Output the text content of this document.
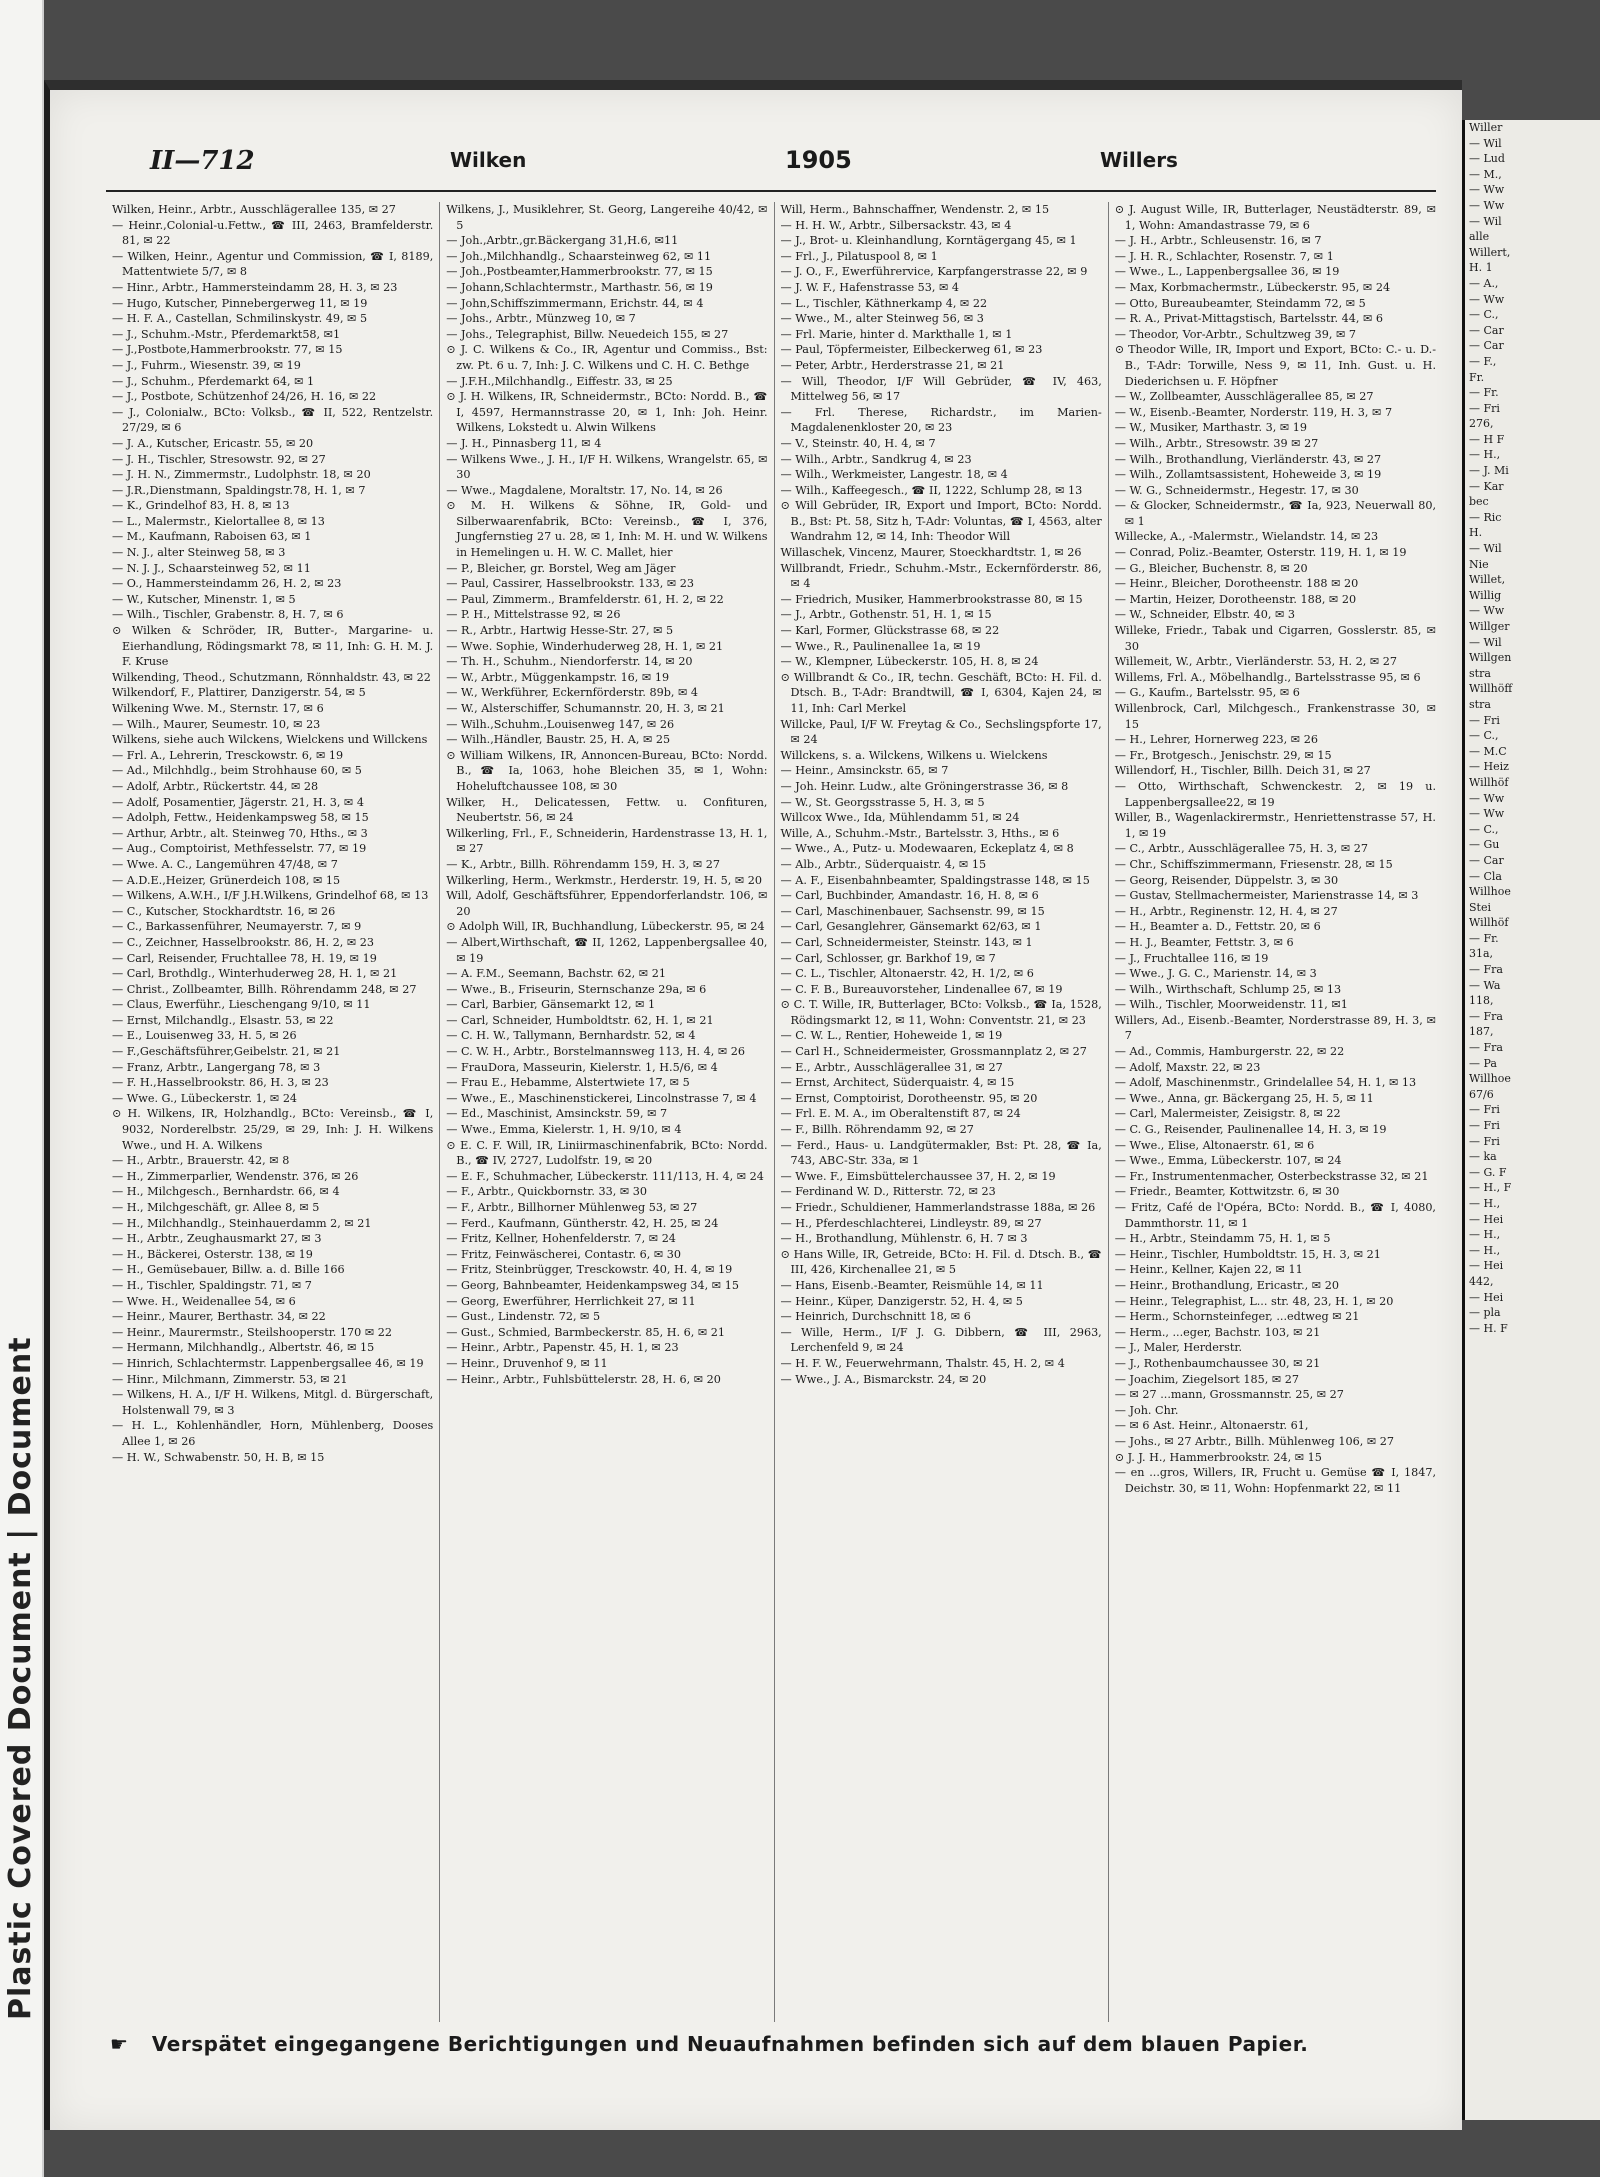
Plastic Covered Document | Document
II—712	Wilken	1905	Willers

Wilken, Heinr., Arbtr., Ausschlägerallee 135, ✉ 27

— Heinr.,Colonial-u.Fettw., ☎ III, 2463, Bramfelderstr. 81, ✉ 22

— Wilken, Heinr., Agentur und Commission, ☎ I, 8189, Mattentwiete 5/7, ✉ 8

— Hinr., Arbtr., Hammersteindamm 28, H. 3, ✉ 23

— Hugo, Kutscher, Pinnebergerweg 11, ✉ 19

— H. F. A., Castellan, Schmilinskystr. 49, ✉ 5

— J., Schuhm.-Mstr., Pferdemarkt58, ✉1

— J.,Postbote,Hammerbrookstr. 77, ✉ 15

— J., Fuhrm., Wiesenstr. 39, ✉ 19

— J., Schuhm., Pferdemarkt 64, ✉ 1

— J., Postbote, Schützenhof 24/26, H. 16, ✉ 22

— J., Colonialw., BCto: Volksb., ☎ II, 522, Rentzelstr. 27/29, ✉ 6

— J. A., Kutscher, Ericastr. 55, ✉ 20

— J. H., Tischler, Stresowstr. 92, ✉ 27

— J. H. N., Zimmermstr., Ludolphstr. 18, ✉ 20

— J.R.,Dienstmann, Spaldingstr.78, H. 1, ✉ 7

— K., Grindelhof 83, H. 8, ✉ 13

— L., Malermstr., Kielortallee 8, ✉ 13

— M., Kaufmann, Raboisen 63, ✉ 1

— N. J., alter Steinweg 58, ✉ 3

— N. J. J., Schaarsteinweg 52, ✉ 11

— O., Hammersteindamm 26, H. 2, ✉ 23

— W., Kutscher, Minenstr. 1, ✉ 5

— Wilh., Tischler, Grabenstr. 8, H. 7, ✉ 6

⊙ Wilken & Schröder, IR, Butter-, Margarine- u. Eierhandlung, Rödingsmarkt 78, ✉ 11, Inh: G. H. M. J. F. Kruse

Wilkending, Theod., Schutzmann, Rönnhaldstr. 43, ✉ 22

Wilkendorf, F., Plattirer, Danzigerstr. 54, ✉ 5

Wilkening Wwe. M., Sternstr. 17, ✉ 6

— Wilh., Maurer, Seumestr. 10, ✉ 23

Wilkens, siehe auch Wilckens, Wielckens und Willckens

— Frl. A., Lehrerin, Tresckowstr. 6, ✉ 19

— Ad., Milchhdlg., beim Strohhause 60, ✉ 5

— Adolf, Arbtr., Rückertstr. 44, ✉ 28

— Adolf, Posamentier, Jägerstr. 21, H. 3, ✉ 4

— Adolph, Fettw., Heidenkampsweg 58, ✉ 15

— Arthur, Arbtr., alt. Steinweg 70, Hths., ✉ 3

— Aug., Comptoirist, Methfesselstr. 77, ✉ 19

— Wwe. A. C., Langemühren 47/48, ✉ 7

— A.D.E.,Heizer, Grünerdeich 108, ✉ 15

— Wilkens, A.W.H., I/F J.H.Wilkens, Grindelhof 68, ✉ 13

— C., Kutscher, Stockhardtstr. 16, ✉ 26

— C., Barkassenführer, Neumayerstr. 7, ✉ 9

— C., Zeichner, Hasselbrookstr. 86, H. 2, ✉ 23

— Carl, Reisender, Fruchtallee 78, H. 19, ✉ 19

— Carl, Brothdlg., Winterhuderweg 28, H. 1, ✉ 21

— Christ., Zollbeamter, Billh. Röhrendamm 248, ✉ 27

— Claus, Ewerführ., Lieschengang 9/10, ✉ 11

— Ernst, Milchandlg., Elsastr. 53, ✉ 22

— E., Louisenweg 33, H. 5, ✉ 26

— F.,Geschäftsführer,Geibelstr. 21, ✉ 21

— Franz, Arbtr., Langergang 78, ✉ 3

— F. H.,Hasselbrookstr. 86, H. 3, ✉ 23

— Wwe. G., Lübeckerstr. 1, ✉ 24

⊙ H. Wilkens, IR, Holzhandlg., BCto: Vereinsb., ☎ I, 9032, Norderelbstr. 25/29, ✉ 29, Inh: J. H. Wilkens Wwe., und H. A. Wilkens

— H., Arbtr., Brauerstr. 42, ✉ 8

— H., Zimmerparlier, Wendenstr. 376, ✉ 26

— H., Milchgesch., Bernhardstr. 66, ✉ 4

— H., Milchgeschäft, gr. Allee 8, ✉ 5

— H., Milchhandlg., Steinhauerdamm 2, ✉ 21

— H., Arbtr., Zeughausmarkt 27, ✉ 3

— H., Bäckerei, Osterstr. 138, ✉ 19

— H., Gemüsebauer, Billw. a. d. Bille 166

— H., Tischler, Spaldingstr. 71, ✉ 7

— Wwe. H., Weidenallee 54, ✉ 6

— Heinr., Maurer, Berthastr. 34, ✉ 22

— Heinr., Maurermstr., Steilshooperstr. 170 ✉ 22

— Hermann, Milchhandlg., Albertstr. 46, ✉ 15

— Hinrich, Schlachtermstr. Lappenbergsallee 46, ✉ 19

— Hinr., Milchmann, Zimmerstr. 53, ✉ 21

— Wilkens, H. A., I/F H. Wilkens, Mitgl. d. Bürgerschaft, Holstenwall 79, ✉ 3

— H. L., Kohlenhändler, Horn, Mühlenberg, Dooses Allee 1, ✉ 26

— H. W., Schwabenstr. 50, H. B, ✉ 15

Wilkens, J., Musiklehrer, St. Georg, Langereihe 40/42, ✉ 5

— Joh.,Arbtr.,gr.Bäckergang 31,H.6, ✉11

— Joh.,Milchhandlg., Schaarsteinweg 62, ✉ 11

— Joh.,Postbeamter,Hammerbrookstr. 77, ✉ 15

— Johann,Schlachtermstr., Marthastr. 56, ✉ 19

— John,Schiffszimmermann, Erichstr. 44, ✉ 4

— Johs., Arbtr., Münzweg 10, ✉ 7

— Johs., Telegraphist, Billw. Neuedeich 155, ✉ 27

⊙ J. C. Wilkens & Co., IR, Agentur und Commiss., Bst: zw. Pt. 6 u. 7, Inh: J. C. Wilkens und C. H. C. Bethge

— J.F.H.,Milchhandlg., Eiffestr. 33, ✉ 25

⊙ J. H. Wilkens, IR, Schneidermstr., BCto: Nordd. B., ☎ I, 4597, Hermannstrasse 20, ✉ 1, Inh: Joh. Heinr. Wilkens, Lokstedt u. Alwin Wilkens

— J. H., Pinnasberg 11, ✉ 4

— Wilkens Wwe., J. H., I/F H. Wilkens, Wrangelstr. 65, ✉ 30

— Wwe., Magdalene, Moraltstr. 17, No. 14, ✉ 26

⊙ M. H. Wilkens & Söhne, IR, Gold- und Silberwaarenfabrik, BCto: Vereinsb., ☎ I, 376, Jungfernstieg 27 u. 28, ✉ 1, Inh: M. H. und W. Wilkens in Hemelingen u. H. W. C. Mallet, hier

— P., Bleicher, gr. Borstel, Weg am Jäger

— Paul, Cassirer, Hasselbrookstr. 133, ✉ 23

— Paul, Zimmerm., Bramfelderstr. 61, H. 2, ✉ 22

— P. H., Mittelstrasse 92, ✉ 26

— R., Arbtr., Hartwig Hesse-Str. 27, ✉ 5

— Wwe. Sophie, Winderhuderweg 28, H. 1, ✉ 21

— Th. H., Schuhm., Niendorferstr. 14, ✉ 20

— W., Arbtr., Müggenkampstr. 16, ✉ 19

— W., Werkführer, Eckernförderstr. 89b, ✉ 4

— W., Alsterschiffer, Schumannstr. 20, H. 3, ✉ 21

— Wilh.,Schuhm.,Louisenweg 147, ✉ 26

— Wilh.,Händler, Baustr. 25, H. A, ✉ 25

⊙ William Wilkens, IR, Annoncen-Bureau, BCto: Nordd. B., ☎ Ia, 1063, hohe Bleichen 35, ✉ 1, Wohn: Hoheluftchaussee 108, ✉ 30

Wilker, H., Delicatessen, Fettw. u. Confituren, Neubertstr. 56, ✉ 24

Wilkerling, Frl., F., Schneiderin, Hardenstrasse 13, H. 1, ✉ 27

— K., Arbtr., Billh. Röhrendamm 159, H. 3, ✉ 27

Wilkerling, Herm., Werkmstr., Herderstr. 19, H. 5, ✉ 20

Will, Adolf, Geschäftsführer, Eppendorferlandstr. 106, ✉ 20

⊙ Adolph Will, IR, Buchhandlung, Lübeckerstr. 95, ✉ 24

— Albert,Wirthschaft, ☎ II, 1262, Lappenbergsallee 40, ✉ 19

— A. F.M., Seemann, Bachstr. 62, ✉ 21

— Wwe., B., Friseurin, Sternschanze 29a, ✉ 6

— Carl, Barbier, Gänsemarkt 12, ✉ 1

— Carl, Schneider, Humboldtstr. 62, H. 1, ✉ 21

— C. H. W., Tallymann, Bernhardstr. 52, ✉ 4

— C. W. H., Arbtr., Borstelmannsweg 113, H. 4, ✉ 26

— FrauDora, Masseurin, Kielerstr. 1, H.5/6, ✉ 4

— Frau E., Hebamme, Alstertwiete 17, ✉ 5

— Wwe., E., Maschinenstickerei, Lincolnstrasse 7, ✉ 4

— Ed., Maschinist, Amsinckstr. 59, ✉ 7

— Wwe., Emma, Kielerstr. 1, H. 9/10, ✉ 4

⊙ E. C. F. Will, IR, Liniirmaschinenfabrik, BCto: Nordd. B., ☎ IV, 2727, Ludolfstr. 19, ✉ 20

— E. F., Schuhmacher, Lübeckerstr. 111/113, H. 4, ✉ 24

— F., Arbtr., Quickbornstr. 33, ✉ 30

— F., Arbtr., Billhorner Mühlenweg 53, ✉ 27

— Ferd., Kaufmann, Güntherstr. 42, H. 25, ✉ 24

— Fritz, Kellner, Hohenfelderstr. 7, ✉ 24

— Fritz, Feinwäscherei, Contastr. 6, ✉ 30

— Fritz, Steinbrügger, Tresckowstr. 40, H. 4, ✉ 19

— Georg, Bahnbeamter, Heidenkampsweg 34, ✉ 15

— Georg, Ewerführer, Herrlichkeit 27, ✉ 11

— Gust., Lindenstr. 72, ✉ 5

— Gust., Schmied, Barmbeckerstr. 85, H. 6, ✉ 21

— Heinr., Arbtr., Papenstr. 45, H. 1, ✉ 23

— Heinr., Druvenhof 9, ✉ 11

— Heinr., Arbtr., Fuhlsbüttelerstr. 28, H. 6, ✉ 20

Will, Herm., Bahnschaffner, Wendenstr. 2, ✉ 15

— H. H. W., Arbtr., Silbersackstr. 43, ✉ 4

— J., Brot- u. Kleinhandlung, Korntägergang 45, ✉ 1

— Frl., J., Pilatuspool 8, ✉ 1

— J. O., F., Ewerführervice, Karpfangerstrasse 22, ✉ 9

— J. W. F., Hafenstrasse 53, ✉ 4

— L., Tischler, Käthnerkamp 4, ✉ 22

— Wwe., M., alter Steinweg 56, ✉ 3

— Frl. Marie, hinter d. Markthalle 1, ✉ 1

— Paul, Töpfermeister, Eilbeckerweg 61, ✉ 23

— Peter, Arbtr., Herderstrasse 21, ✉ 21

— Will, Theodor, I/F Will Gebrüder, ☎ IV, 463, Mittelweg 56, ✉ 17

— Frl. Therese, Richardstr., im Marien-Magdalenenkloster 20, ✉ 23

— V., Steinstr. 40, H. 4, ✉ 7

— Wilh., Arbtr., Sandkrug 4, ✉ 23

— Wilh., Werkmeister, Langestr. 18, ✉ 4

— Wilh., Kaffeegesch., ☎ II, 1222, Schlump 28, ✉ 13

⊙ Will Gebrüder, IR, Export und Import, BCto: Nordd. B., Bst: Pt. 58, Sitz h, T-Adr: Voluntas, ☎ I, 4563, alter Wandrahm 12, ✉ 14, Inh: Theodor Will

Willaschek, Vincenz, Maurer, Stoeckhardtstr. 1, ✉ 26

Willbrandt, Friedr., Schuhm.-Mstr., Eckernförderstr. 86, ✉ 4

— Friedrich, Musiker, Hammerbrookstrasse 80, ✉ 15

— J., Arbtr., Gothenstr. 51, H. 1, ✉ 15

— Karl, Former, Glückstrasse 68, ✉ 22

— Wwe., R., Paulinenallee 1a, ✉ 19

— W., Klempner, Lübeckerstr. 105, H. 8, ✉ 24

⊙ Willbrandt & Co., IR, techn. Geschäft, BCto: H. Fil. d. Dtsch. B., T-Adr: Brandtwill, ☎ I, 6304, Kajen 24, ✉ 11, Inh: Carl Merkel

Willcke, Paul, I/F W. Freytag & Co., Sechslingspforte 17, ✉ 24

Willckens, s. a. Wilckens, Wilkens u. Wielckens

— Heinr., Amsinckstr. 65, ✉ 7

— Joh. Heinr. Ludw., alte Gröningerstrasse 36, ✉ 8

— W., St. Georgsstrasse 5, H. 3, ✉ 5

Willcox Wwe., Ida, Mühlendamm 51, ✉ 24

Wille, A., Schuhm.-Mstr., Bartelsstr. 3, Hths., ✉ 6

— Wwe., A., Putz- u. Modewaaren, Eckeplatz 4, ✉ 8

— Alb., Arbtr., Süderquaistr. 4, ✉ 15

— A. F., Eisenbahnbeamter, Spaldingstrasse 148, ✉ 15

— Carl, Buchbinder, Amandastr. 16, H. 8, ✉ 6

— Carl, Maschinenbauer, Sachsenstr. 99, ✉ 15

— Carl, Gesanglehrer, Gänsemarkt 62/63, ✉ 1

— Carl, Schneidermeister, Steinstr. 143, ✉ 1

— Carl, Schlosser, gr. Barkhof 19, ✉ 7

— C. L., Tischler, Altonaerstr. 42, H. 1/2, ✉ 6

— C. F. B., Bureauvorsteher, Lindenallee 67, ✉ 19

⊙ C. T. Wille, IR, Butterlager, BCto: Volksb., ☎ Ia, 1528, Rödingsmarkt 12, ✉ 11, Wohn: Conventstr. 21, ✉ 23

— C. W. L., Rentier, Hoheweide 1, ✉ 19

— Carl H., Schneidermeister, Grossmannplatz 2, ✉ 27

— E., Arbtr., Ausschlägerallee 31, ✉ 27

— Ernst, Architect, Süderquaistr. 4, ✉ 15

— Ernst, Comptoirist, Dorotheenstr. 95, ✉ 20

— Frl. E. M. A., im Oberaltenstift 87, ✉ 24

— F., Billh. Röhrendamm 92, ✉ 27

— Ferd., Haus- u. Landgütermakler, Bst: Pt. 28, ☎ Ia, 743, ABC-Str. 33a, ✉ 1

— Wwe. F., Eimsbüttelerchaussee 37, H. 2, ✉ 19

— Ferdinand W. D., Ritterstr. 72, ✉ 23

— Friedr., Schuldiener, Hammerlandstrasse 188a, ✉ 26

— H., Pferdeschlachterei, Lindleystr. 89, ✉ 27

— H., Brothandlung, Mühlenstr. 6, H. 7 ✉ 3

⊙ Hans Wille, IR, Getreide, BCto: H. Fil. d. Dtsch. B., ☎ III, 426, Kirchenallee 21, ✉ 5

— Hans, Eisenb.-Beamter, Reismühle 14, ✉ 11

— Heinr., Küper, Danzigerstr. 52, H. 4, ✉ 5

— Heinrich, Durchschnitt 18, ✉ 6

— Wille, Herm., I/F J. G. Dibbern, ☎ III, 2963, Lerchenfeld 9, ✉ 24

— H. F. W., Feuerwehrmann, Thalstr. 45, H. 2, ✉ 4

— Wwe., J. A., Bismarckstr. 24, ✉ 20

⊙ J. August Wille, IR, Butterlager, Neustädterstr. 89, ✉ 1, Wohn: Amandastrasse 79, ✉ 6

— J. H., Arbtr., Schleusenstr. 16, ✉ 7

— J. H. R., Schlachter, Rosenstr. 7, ✉ 1

— Wwe., L., Lappenbergsallee 36, ✉ 19

— Max, Korbmachermstr., Lübeckerstr. 95, ✉ 24

— Otto, Bureaubeamter, Steindamm 72, ✉ 5

— R. A., Privat-Mittagstisch, Bartelsstr. 44, ✉ 6

— Theodor, Vor-Arbtr., Schultzweg 39, ✉ 7

⊙ Theodor Wille, IR, Import und Export, BCto: C.- u. D.-B., T-Adr: Torwille, Ness 9, ✉ 11, Inh. Gust. u. H. Diederichsen u. F. Höpfner

— W., Zollbeamter, Ausschlägerallee 85, ✉ 27

— W., Eisenb.-Beamter, Norderstr. 119, H. 3, ✉ 7

— W., Musiker, Marthastr. 3, ✉ 19

— Wilh., Arbtr., Stresowstr. 39 ✉ 27

— Wilh., Brothandlung, Vierländerstr. 43, ✉ 27

— Wilh., Zollamtsassistent, Hoheweide 3, ✉ 19

— W. G., Schneidermstr., Hegestr. 17, ✉ 30

— & Glocker, Schneidermstr., ☎ Ia, 923, Neuerwall 80, ✉ 1

Willecke, A., -Malermstr., Wielandstr. 14, ✉ 23

— Conrad, Poliz.-Beamter, Osterstr. 119, H. 1, ✉ 19

— G., Bleicher, Buchenstr. 8, ✉ 20

— Heinr., Bleicher, Dorotheenstr. 188 ✉ 20

— Martin, Heizer, Dorotheenstr. 188, ✉ 20

— W., Schneider, Elbstr. 40, ✉ 3

Willeke, Friedr., Tabak und Cigarren, Gosslerstr. 85, ✉ 30

Willemeit, W., Arbtr., Vierländerstr. 53, H. 2, ✉ 27

Willems, Frl. A., Möbelhandlg., Bartelsstrasse 95, ✉ 6

— G., Kaufm., Bartelsstr. 95, ✉ 6

Willenbrock, Carl, Milchgesch., Frankenstrasse 30, ✉ 15

— H., Lehrer, Hornerweg 223, ✉ 26

— Fr., Brotgesch., Jenischstr. 29, ✉ 15

Willendorf, H., Tischler, Billh. Deich 31, ✉ 27

— Otto, Wirthschaft, Schwenckestr. 2, ✉ 19 u. Lappenbergsallee22, ✉ 19

Willer, B., Wagenlackirermstr., Henriettenstrasse 57, H. 1, ✉ 19

— C., Arbtr., Ausschlägerallee 75, H. 3, ✉ 27

— Chr., Schiffszimmermann, Friesenstr. 28, ✉ 15

— Georg, Reisender, Düppelstr. 3, ✉ 30

— Gustav, Stellmachermeister, Marienstrasse 14, ✉ 3

— H., Arbtr., Reginenstr. 12, H. 4, ✉ 27

— H., Beamter a. D., Fettstr. 20, ✉ 6

— H. J., Beamter, Fettstr. 3, ✉ 6

— J., Fruchtallee 116, ✉ 19

— Wwe., J. G. C., Marienstr. 14, ✉ 3

— Wilh., Wirthschaft, Schlump 25, ✉ 13

— Wilh., Tischler, Moorweidenstr. 11, ✉1

Willers, Ad., Eisenb.-Beamter, Norderstrasse 89, H. 3, ✉ 7

— Ad., Commis, Hamburgerstr. 22, ✉ 22

— Adolf, Maxstr. 22, ✉ 23

— Adolf, Maschinenmstr., Grindelallee 54, H. 1, ✉ 13

— Wwe., Anna, gr. Bäckergang 25, H. 5, ✉ 11

— Carl, Malermeister, Zeisigstr. 8, ✉ 22

— C. G., Reisender, Paulinenallee 14, H. 3, ✉ 19

— Wwe., Elise, Altonaerstr. 61, ✉ 6

— Wwe., Emma, Lübeckerstr. 107, ✉ 24

— Fr., Instrumentenmacher, Osterbeckstrasse 32, ✉ 21

— Friedr., Beamter, Kottwitzstr. 6, ✉ 30

— Fritz, Café de l'Opéra, BCto: Nordd. B., ☎ I, 4080, Dammthorstr. 11, ✉ 1

— H., Arbtr., Steindamm 75, H. 1, ✉ 5

— Heinr., Tischler, Humboldtstr. 15, H. 3, ✉ 21

— Heinr., Kellner, Kajen 22, ✉ 11

— Heinr., Brothandlung, Ericastr., ✉ 20

— Heinr., Telegraphist, L... str. 48, 23, H. 1, ✉ 20

— Herm., Schornsteinfeger, ...edtweg ✉ 21

— Herm., ...eger, Bachstr. 103, ✉ 21

— J., Maler, Herderstr.

— J., Rothenbaumchaussee 30, ✉ 21

— Joachim, Ziegelsort 185, ✉ 27

— ✉ 27 ...mann, Grossmannstr. 25, ✉ 27

— Joh. Chr.

— ✉ 6 Ast. Heinr., Altonaerstr. 61,

— Johs., ✉ 27 Arbtr., Billh. Mühlenweg 106, ✉ 27

⊙ J. J. H., Hammerbrookstr. 24, ✉ 15

— en ...gros, Willers, IR, Frucht u. Gemüse ☎ I, 1847, Deichstr. 30, ✉ 11, Wohn: Hopfenmarkt 22, ✉ 11

☛ Verspätet eingegangene Berichtigungen und Neuaufnahmen befinden sich auf dem blauen Papier.
Willer
— Wil
— Lud
— M.,
— Ww
— Ww
— Wil
alle
Willert,
H. 1
— A.,
— Ww
— C.,
— Car
— Car
— F.,
Fr.
— Fr.
— Fri
276,
— H F
— H.,
— J. Mi
— Kar
bec
— Ric
H.
— Wil
Nie
Willet,
Willig
— Ww
Willger
— Wil
Willgen
stra
Willhöff
stra
— Fri
— C.,
— M.C
— Heiz
Willhöf
— Ww
— Ww
— C.,
— Gu
— Car
— Cla
Willhoe
Stei
Willhöf
— Fr.
31a,
— Fra
— Wa
118,
— Fra
187,
— Fra
— Pa
Willhoe
67/6
— Fri
— Fri
— Fri
— ka
— G. F
— H., F
— H.,
— Hei
— H.,
— H.,
— Hei
442,
— Hei
— pla
— H. F
